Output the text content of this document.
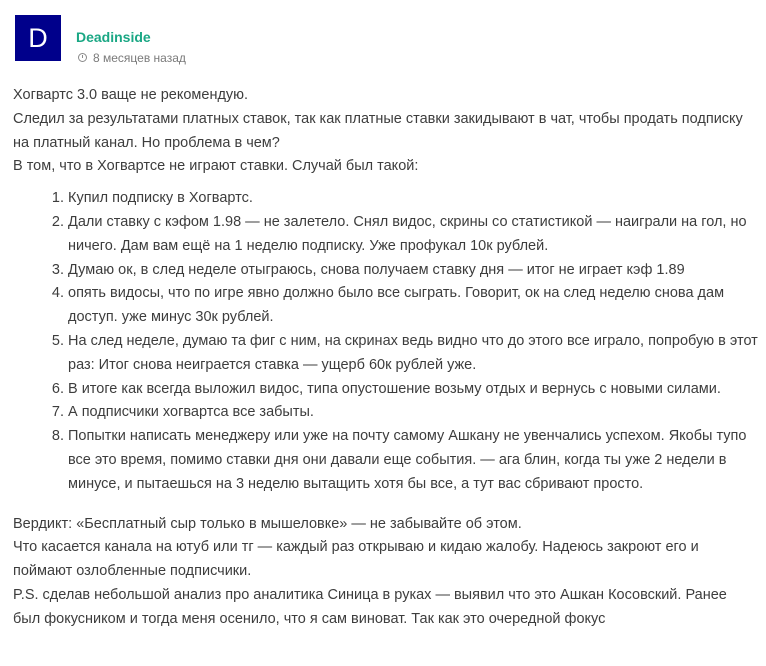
D	Deadinside
8 месяцев назад

Хогвартс 3.0 ваще не рекомендую.

Следил за результатами платных ставок, так как платные ставки закидывают в чат, чтобы продать подписку на платный канал. Но проблема в чем?

В том, что в Хогвартсе не играют ставки. Случай был такой:

1. Купил подписку в Хогвартс.
2. Дали ставку с кэфом 1.98 — не залетело. Снял видос, скрины со статистикой — наиграли на гол, но ничего. Дам вам ещё на 1 неделю подписку. Уже профукал 10к рублей.
3. Думаю ок, в след неделе отыграюсь, снова получаем ставку дня — итог не играет кэф 1.89
4. опять видосы, что по игре явно должно было все сыграть. Говорит, ок на след неделю снова дам доступ. уже минус 30к рублей.
5. На след неделе, думаю та фиг с ним, на скринах ведь видно что до этого все играло, попробую в этот раз: Итог снова неиграется ставка — ущерб 60к рублей уже.
6. В итоге как всегда выложил видос, типа опустошение возьму отдых и вернусь с новыми силами.
7. А подписчики хогвартса все забыты.
8. Попытки написать менеджеру или уже на почту самому Ашкану не увенчались успехом. Якобы тупо все это время, помимо ставки дня они давали еще события. — ага блин, когда ты уже 2 недели в минусе, и пытаешься на 3 неделю вытащить хотя бы все, а тут вас сбривают просто.

Вердикт: «Бесплатный сыр только в мышеловке» — не забывайте об этом.

Что касается канала на ютуб или тг — каждый раз открываю и кидаю жалобу. Надеюсь закроют его и поймают озлобленные подписчики.

P.S. сделав небольшой анализ про аналитика Синица в руках — выявил что это Ашкан Косовский. Ранее был фокусником и тогда меня осенило, что я сам виноват. Так как это очередной фокус
